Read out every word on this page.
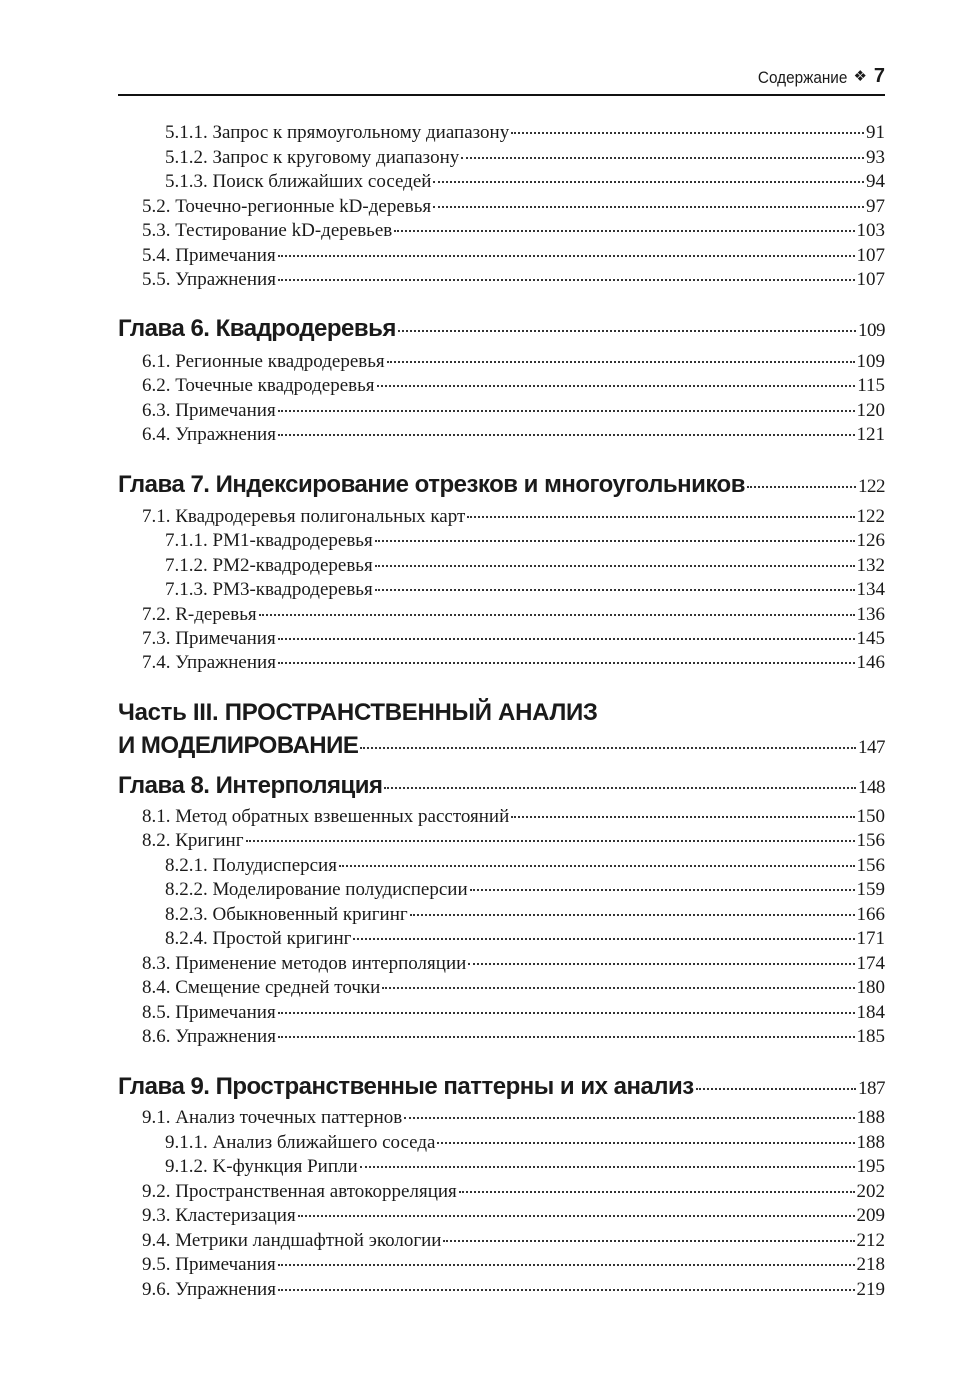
Содержание ❖ 7
5.1.1. Запрос к прямоугольному диапазону	91
5.1.2. Запрос к круговому диапазону	93
5.1.3. Поиск ближайших соседей	94
5.2. Точечно-регионные kD-деревья	97
5.3. Тестирование kD-деревьев	103
5.4. Примечания	107
5.5. Упражнения	107
Глава 6. Квадродеревья	109
6.1. Регионные квадродеревья	109
6.2. Точечные квадродеревья	115
6.3. Примечания	120
6.4. Упражнения	121
Глава 7. Индексирование отрезков и многоугольников	122
7.1. Квадродеревья полигональных карт	122
7.1.1. PM1-квадродеревья	126
7.1.2. PM2-квадродеревья	132
7.1.3. PM3-квадродеревья	134
7.2. R-деревья	136
7.3. Примечания	145
7.4. Упражнения	146
Часть III. ПРОСТРАНСТВЕННЫЙ АНАЛИЗ
И МОДЕЛИРОВАНИЕ	147
Глава 8. Интерполяция	148
8.1. Метод обратных взвешенных расстояний	150
8.2. Кригинг	156
8.2.1. Полудисперсия	156
8.2.2. Моделирование полудисперсии	159
8.2.3. Обыкновенный кригинг	166
8.2.4. Простой кригинг	171
8.3. Применение методов интерполяции	174
8.4. Смещение средней точки	180
8.5. Примечания	184
8.6. Упражнения	185
Глава 9. Пространственные паттерны и их анализ	187
9.1. Анализ точечных паттернов	188
9.1.1. Анализ ближайшего соседа	188
9.1.2. K-функция Рипли	195
9.2. Пространственная автокорреляция	202
9.3. Кластеризация	209
9.4. Метрики ландшафтной экологии	212
9.5. Примечания	218
9.6. Упражнения	219
